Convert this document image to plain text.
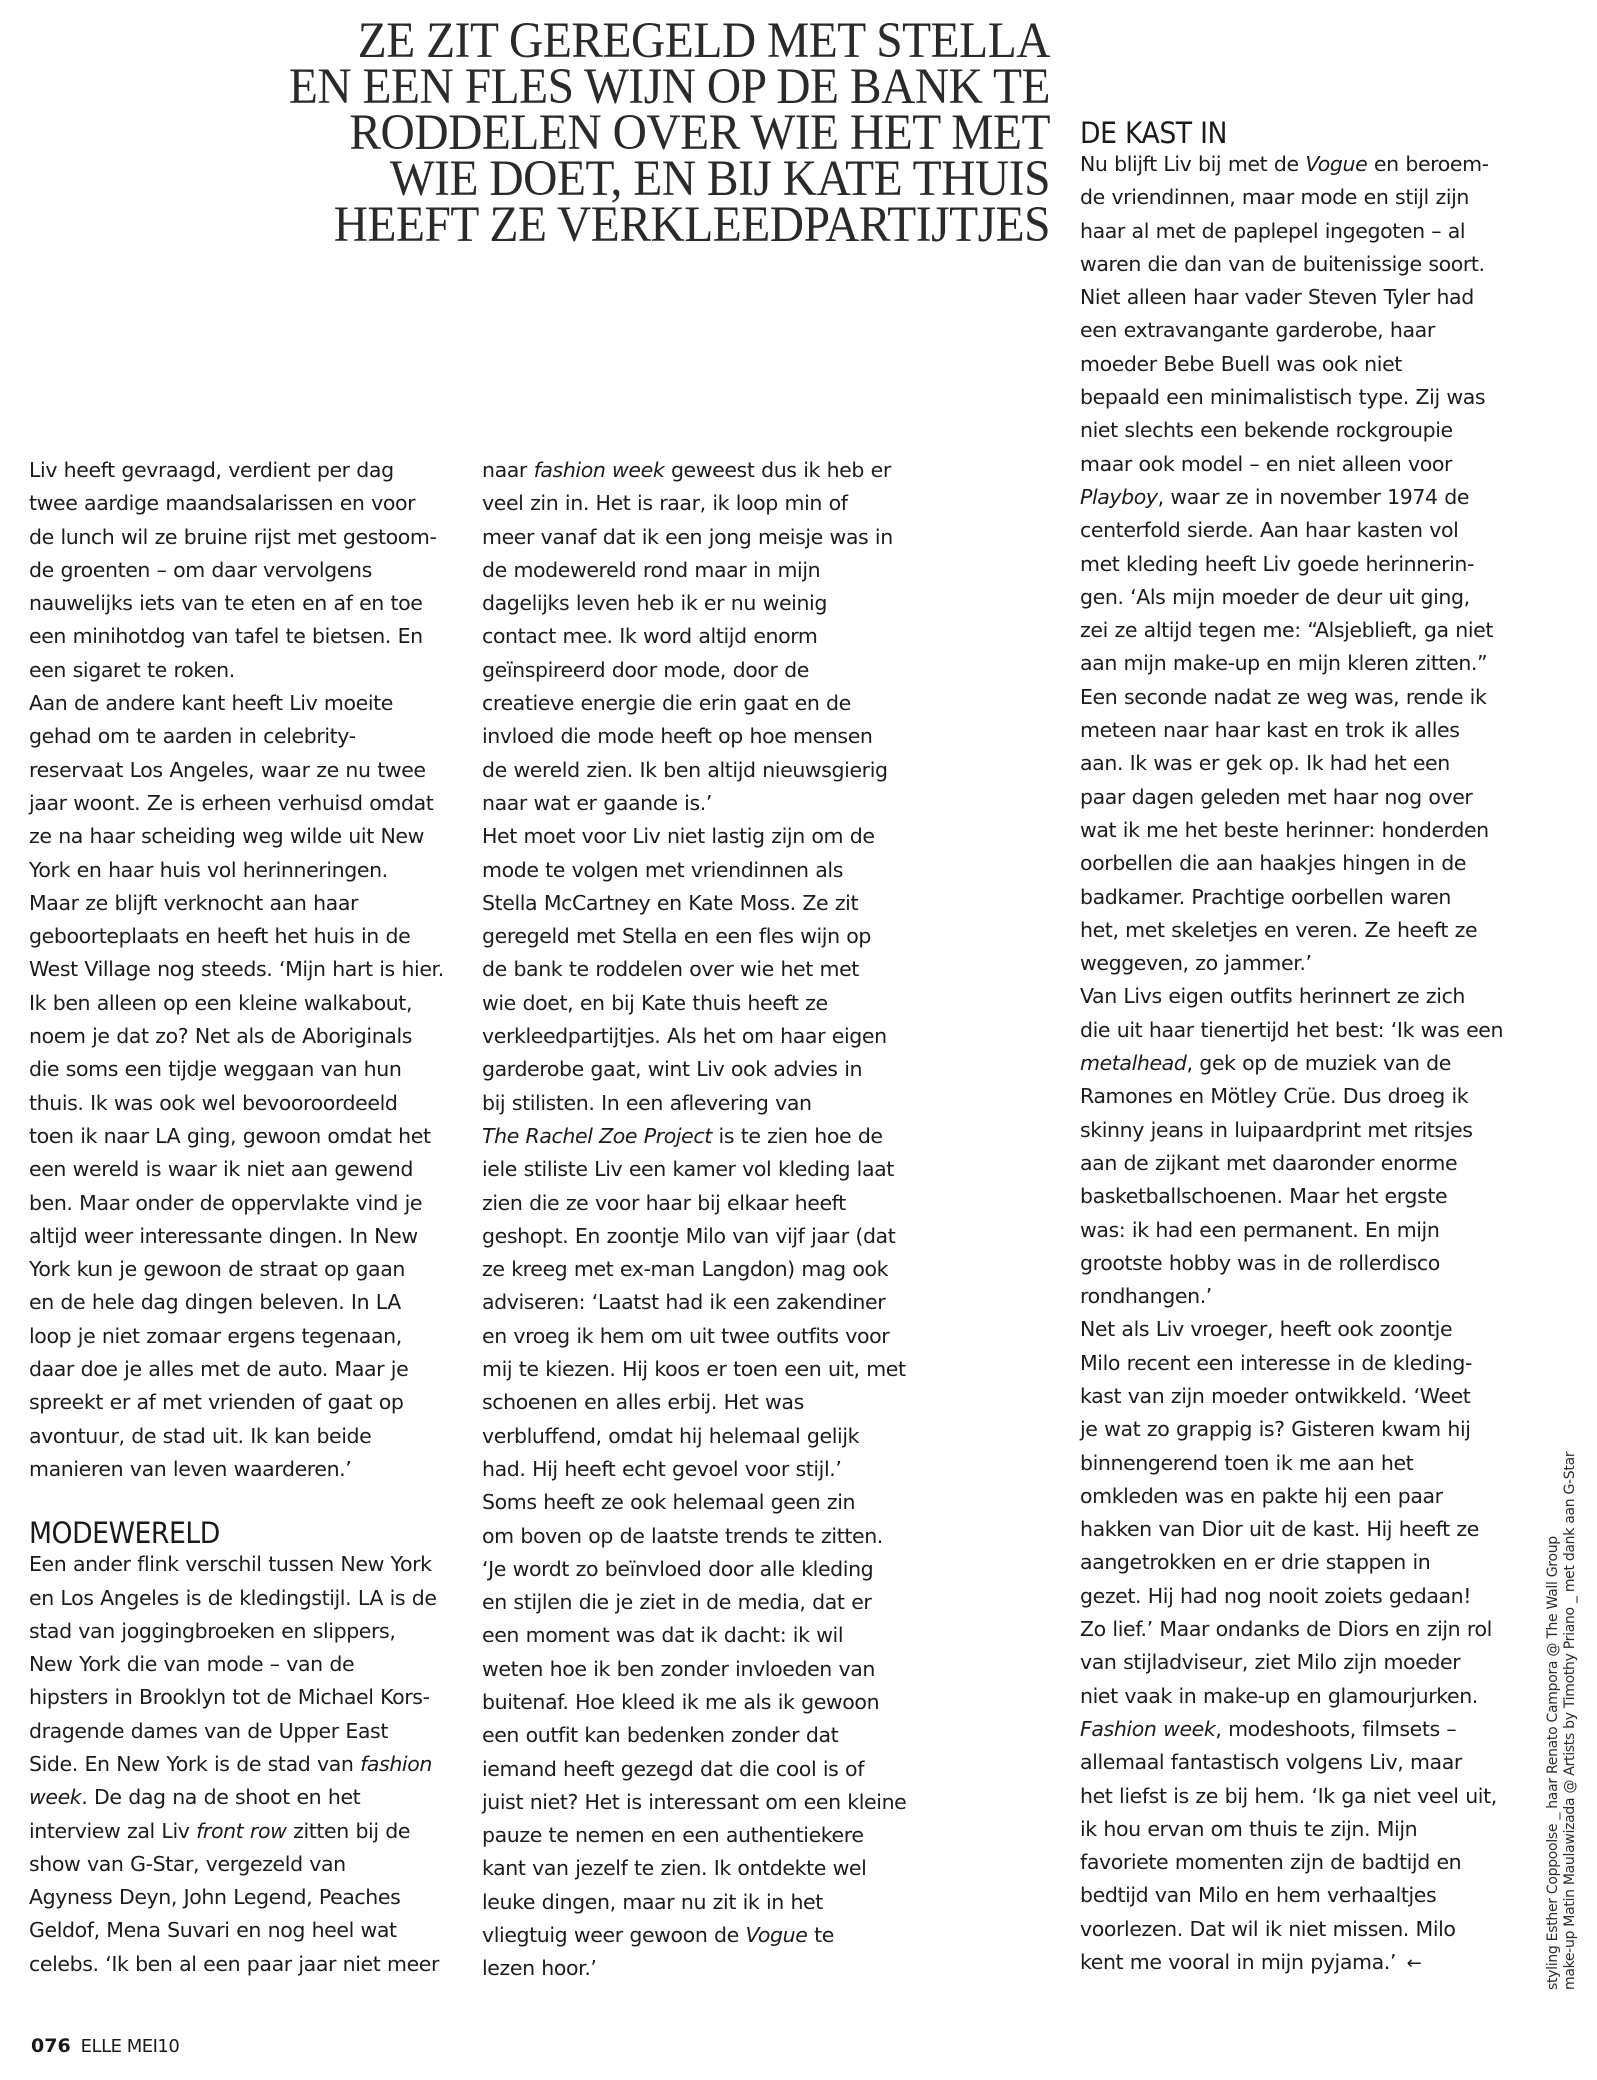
ZE ZIT GEREGELD MET STELLA
EN EEN FLES WIJN OP DE BANK TE
RODDELEN OVER WIE HET MET
WIE DOET, EN BIJ KATE THUIS
HEEFT ZE VERKLEEDPARTIJTJES
Liv heeft gevraagd, verdient per dag
twee aardige maandsalarissen en voor
de lunch wil ze bruine rijst met gestoom-
de groenten – om daar vervolgens
nauwelijks iets van te eten en af en toe
een minihotdog van tafel te bietsen. En
een sigaret te roken.
Aan de andere kant heeft Liv moeite
gehad om te aarden in celebrity-
reservaat Los Angeles, waar ze nu twee
jaar woont. Ze is erheen verhuisd omdat
ze na haar scheiding weg wilde uit New
York en haar huis vol herinneringen.
Maar ze blijft verknocht aan haar
geboorteplaats en heeft het huis in de
West Village nog steeds. ‘Mijn hart is hier.
Ik ben alleen op een kleine walkabout,
noem je dat zo? Net als de Aboriginals
die soms een tijdje weggaan van hun
thuis. Ik was ook wel bevooroordeeld
toen ik naar LA ging, gewoon omdat het
een wereld is waar ik niet aan gewend
ben. Maar onder de oppervlakte vind je
altijd weer interessante dingen. In New
York kun je gewoon de straat op gaan
en de hele dag dingen beleven. In LA
loop je niet zomaar ergens tegenaan,
daar doe je alles met de auto. Maar je
spreekt er af met vrienden of gaat op
avontuur, de stad uit. Ik kan beide
manieren van leven waarderen.’
MODEWERELD
Een ander flink verschil tussen New York
en Los Angeles is de kledingstijl. LA is de
stad van joggingbroeken en slippers,
New York die van mode – van de
hipsters in Brooklyn tot de Michael Kors-
dragende dames van de Upper East
Side. En New York is de stad van fashion
week. De dag na de shoot en het
interview zal Liv front row zitten bij de
show van G-Star, vergezeld van
Agyness Deyn, John Legend, Peaches
Geldof, Mena Suvari en nog heel wat
celebs. ‘Ik ben al een paar jaar niet meer
naar fashion week geweest dus ik heb er
veel zin in. Het is raar, ik loop min of
meer vanaf dat ik een jong meisje was in
de modewereld rond maar in mijn
dagelijks leven heb ik er nu weinig
contact mee. Ik word altijd enorm
geïnspireerd door mode, door de
creatieve energie die erin gaat en de
invloed die mode heeft op hoe mensen
de wereld zien. Ik ben altijd nieuwsgierig
naar wat er gaande is.’
Het moet voor Liv niet lastig zijn om de
mode te volgen met vriendinnen als
Stella McCartney en Kate Moss. Ze zit
geregeld met Stella en een fles wijn op
de bank te roddelen over wie het met
wie doet, en bij Kate thuis heeft ze
verkleedpartijtjes. Als het om haar eigen
garderobe gaat, wint Liv ook advies in
bij stilisten. In een aflevering van
The Rachel Zoe Project is te zien hoe de
iele stiliste Liv een kamer vol kleding laat
zien die ze voor haar bij elkaar heeft
geshopt. En zoontje Milo van vijf jaar (dat
ze kreeg met ex-man Langdon) mag ook
adviseren: ‘Laatst had ik een zakendiner
en vroeg ik hem om uit twee outfits voor
mij te kiezen. Hij koos er toen een uit, met
schoenen en alles erbij. Het was
verbluffend, omdat hij helemaal gelijk
had. Hij heeft echt gevoel voor stijl.’
Soms heeft ze ook helemaal geen zin
om boven op de laatste trends te zitten.
‘Je wordt zo beïnvloed door alle kleding
en stijlen die je ziet in de media, dat er
een moment was dat ik dacht: ik wil
weten hoe ik ben zonder invloeden van
buitenaf. Hoe kleed ik me als ik gewoon
een outfit kan bedenken zonder dat
iemand heeft gezegd dat die cool is of
juist niet? Het is interessant om een kleine
pauze te nemen en een authentiekere
kant van jezelf te zien. Ik ontdekte wel
leuke dingen, maar nu zit ik in het
vliegtuig weer gewoon de Vogue te
lezen hoor.’
DE KAST IN
Nu blijft Liv bij met de Vogue en beroem-
de vriendinnen, maar mode en stijl zijn
haar al met de paplepel ingegoten – al
waren die dan van de buitenissige soort.
Niet alleen haar vader Steven Tyler had
een extravangante garderobe, haar
moeder Bebe Buell was ook niet
bepaald een minimalistisch type. Zij was
niet slechts een bekende rockgroupie
maar ook model – en niet alleen voor
Playboy, waar ze in november 1974 de
centerfold sierde. Aan haar kasten vol
met kleding heeft Liv goede herinnerin-
gen. ‘Als mijn moeder de deur uit ging,
zei ze altijd tegen me: “Alsjeblieft, ga niet
aan mijn make-up en mijn kleren zitten.”
Een seconde nadat ze weg was, rende ik
meteen naar haar kast en trok ik alles
aan. Ik was er gek op. Ik had het een
paar dagen geleden met haar nog over
wat ik me het beste herinner: honderden
oorbellen die aan haakjes hingen in de
badkamer. Prachtige oorbellen waren
het, met skeletjes en veren. Ze heeft ze
weggeven, zo jammer.’
Van Livs eigen outfits herinnert ze zich
die uit haar tienertijd het best: ‘Ik was een
metalhead, gek op de muziek van de
Ramones en Mötley Crüe. Dus droeg ik
skinny jeans in luipaardprint met ritsjes
aan de zijkant met daaronder enorme
basketballschoenen. Maar het ergste
was: ik had een permanent. En mijn
grootste hobby was in de rollerdisco
rondhangen.’
Net als Liv vroeger, heeft ook zoontje
Milo recent een interesse in de kleding-
kast van zijn moeder ontwikkeld. ‘Weet
je wat zo grappig is? Gisteren kwam hij
binnengerend toen ik me aan het
omkleden was en pakte hij een paar
hakken van Dior uit de kast. Hij heeft ze
aangetrokken en er drie stappen in
gezet. Hij had nog nooit zoiets gedaan!
Zo lief.’ Maar ondanks de Diors en zijn rol
van stijladviseur, ziet Milo zijn moeder
niet vaak in make-up en glamourjurken.
Fashion week, modeshoots, filmsets –
allemaal fantastisch volgens Liv, maar
het liefst is ze bij hem. ‘Ik ga niet veel uit,
ik hou ervan om thuis te zijn. Mijn
favoriete momenten zijn de badtijd en
bedtijd van Milo en hem verhaaltjes
voorlezen. Dat wil ik niet missen. Milo
kent me vooral in mijn pyjama.’ ←
076 ELLE MEI10
styling Esther Coppoolse _ haar Renato Campora @ The Wall Group make-up Matin Maulawizada @ Artists by Timothy Priano _ met dank aan G-Star
